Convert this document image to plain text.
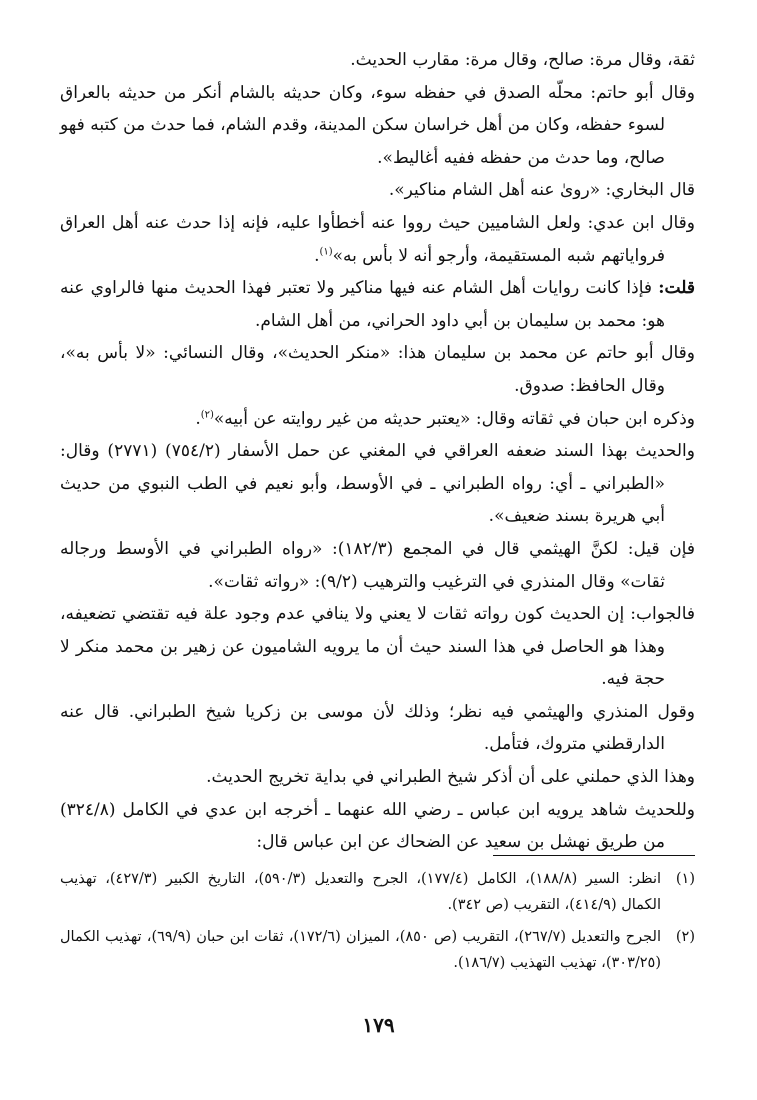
ثقة، وقال مرة: صالح، وقال مرة: مقارب الحديث.

وقال أبو حاتم: محلّه الصدق في حفظه سوء، وكان حديثه بالشام أنكر من حديثه بالعراق لسوء حفظه، وكان من أهل خراسان سكن المدينة، وقدم الشام، فما حدث من كتبه فهو صالح، وما حدث من حفظه ففيه أغاليط».

قال البخاري: «روىٰ عنه أهل الشام مناكير».

وقال ابن عدي: ولعل الشاميين حيث رووا عنه أخطأوا عليه، فإنه إذا حدث عنه أهل العراق فرواياتهم شبه المستقيمة، وأرجو أنه لا بأس به»$^{(١)}$.

قلت: فإذا كانت روايات أهل الشام عنه فيها مناكير ولا تعتبر فهذا الحديث منها فالراوي عنه هو: محمد بن سليمان بن أبي داود الحراني، من أهل الشام.

وقال أبو حاتم عن محمد بن سليمان هذا: «منكر الحديث»، وقال النسائي: «لا بأس به»، وقال الحافظ: صدوق.

وذكره ابن حبان في ثقاته وقال: «يعتبر حديثه من غير روايته عن أبيه»$^{(٢)}$.

والحديث بهذا السند ضعفه العراقي في المغني عن حمل الأسفار (٧٥٤/٢) (٢٧٧١) وقال: «الطبراني ـ أي: رواه الطبراني ـ في الأوسط، وأبو نعيم في الطب النبوي من حديث أبي هريرة بسند ضعيف».

فإن قيل: لكنَّ الهيثمي قال في المجمع (١٨٢/٣): «رواه الطبراني في الأوسط ورجاله ثقات» وقال المنذري في الترغيب والترهيب (٩/٢): «رواته ثقات».

فالجواب: إن الحديث كون رواته ثقات لا يعني ولا ينافي عدم وجود علة فيه تقتضي تضعيفه، وهذا هو الحاصل في هذا السند حيث أن ما يرويه الشاميون عن زهير بن محمد منكر لا حجة فيه.

وقول المنذري والهيثمي فيه نظر؛ وذلك لأن موسى بن زكريا شيخ الطبراني. قال عنه الدارقطني متروك، فتأمل.

وهذا الذي حملني على أن أذكر شيخ الطبراني في بداية تخريج الحديث.

وللحديث شاهد يرويه ابن عباس ـ رضي الله عنهما ـ أخرجه ابن عدي في الكامل (٣٢٤/٨) من طريق نهشل بن سعيد عن الضحاك عن ابن عباس قال:

(١)
انظر: السير (١٨٨/٨)، الكامل (١٧٧/٤)، الجرح والتعديل (٥٩٠/٣)، التاريخ الكبير (٤٢٧/٣)، تهذيب الكمال (٤١٤/٩)، التقريب (ص ٣٤٢).
(٢)
الجرح والتعديل (٢٦٧/٧)، التقريب (ص ٨٥٠)، الميزان (١٧٢/٦)، ثقات ابن حبان (٦٩/٩)، تهذيب الكمال (٣٠٣/٢٥)، تهذيب التهذيب (١٨٦/٧).
١٧٩
